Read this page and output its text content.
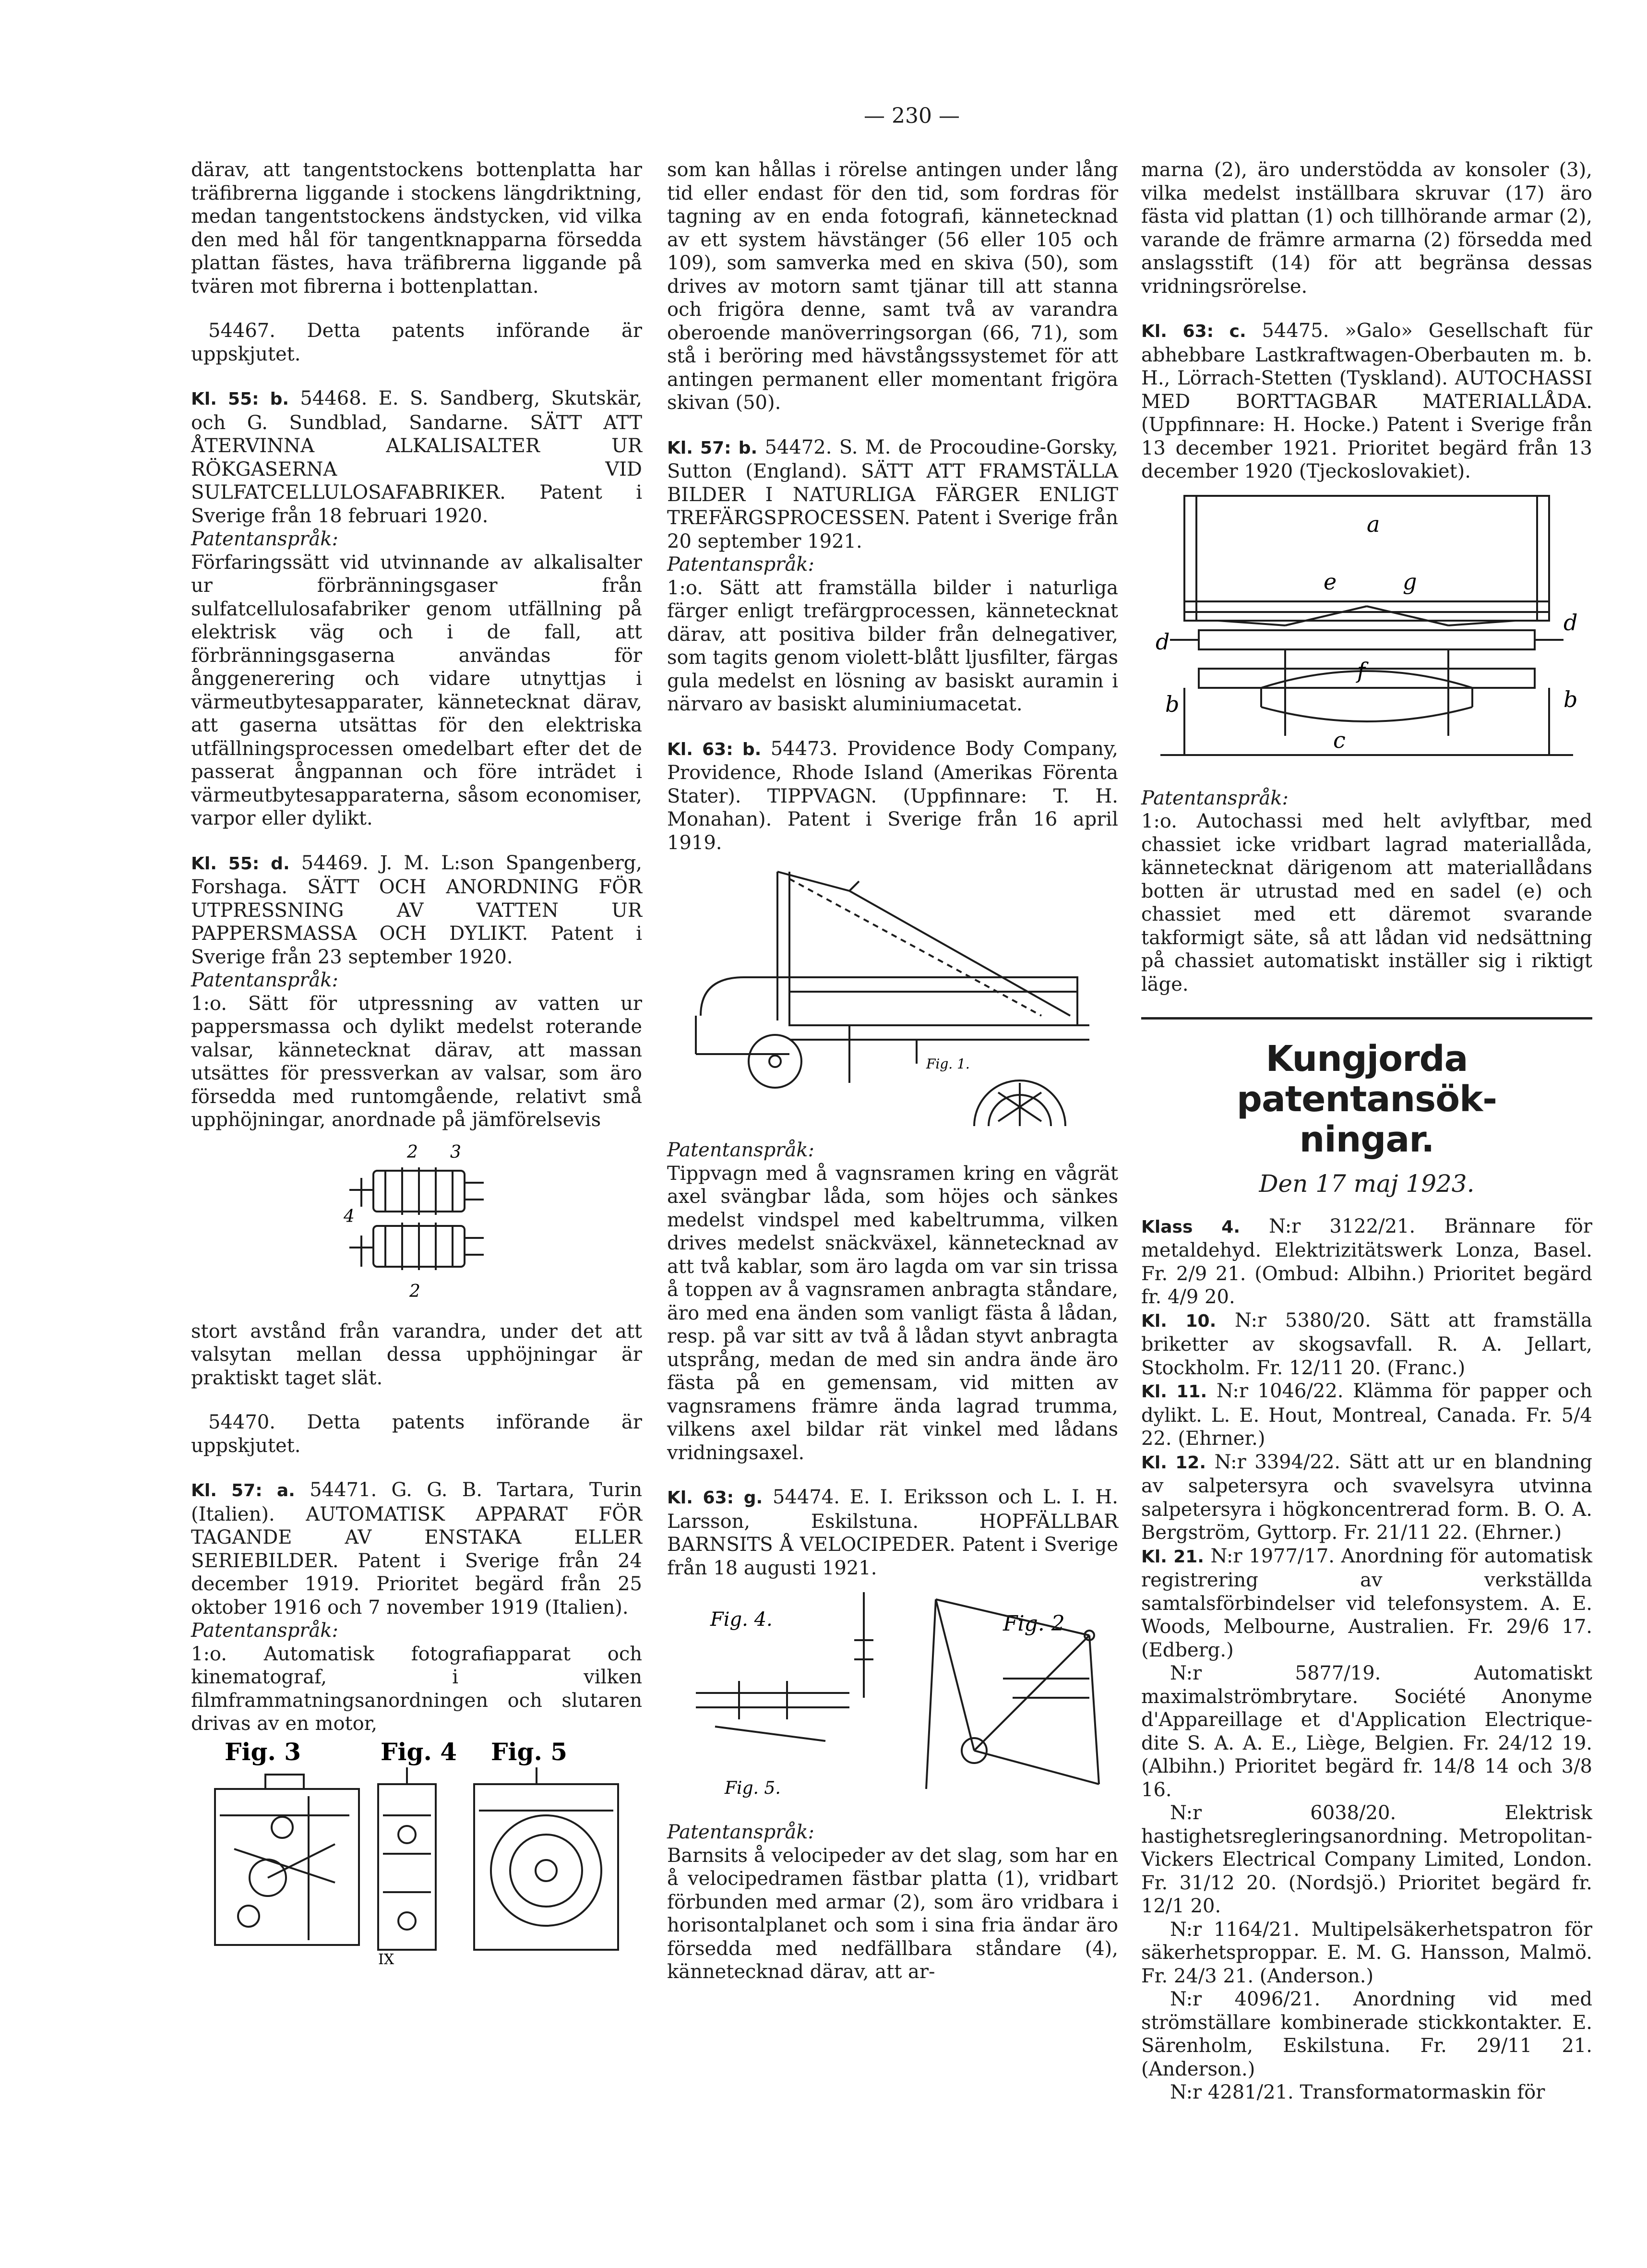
— 230 —

därav, att tangentstockens bottenplatta har träfibrerna liggande i stockens längdriktning, medan tangentstockens ändstycken, vid vilka den med hål för tangentknapparna försedda plattan fästes, hava träfibrerna liggande på tvären mot fibrerna i bottenplattan.

54467. Detta patents införande är uppskjutet.

Kl. 55: b. 54468. E. S. Sandberg, Skutskär, och G. Sundblad, Sandarne. SÄTT ATT ÅTERVINNA ALKALISALTER UR RÖKGASERNA VID SULFATCELLULOSAFABRIKER. Patent i Sverige från 18 februari 1920.
Patentanspråk:
Förfaringssätt vid utvinnande av alkalisalter ur förbränningsgaser från sulfatcellulosafabriker genom utfällning på elektrisk väg och i de fall, att förbränningsgaserna användas för ånggenerering och vidare utnyttjas i värmeutbytesapparater, kännetecknat därav, att gaserna utsättas för den elektriska utfällningsprocessen omedelbart efter det de passerat ångpannan och före inträdet i värmeutbytesapparaterna, såsom economiser, varpor eller dylikt.

Kl. 55: d. 54469. J. M. L:son Spangenberg, Forshaga. SÄTT OCH ANORDNING FÖR UTPRESSNING AV VATTEN UR PAPPERSMASSA OCH DYLIKT. Patent i Sverige från 23 september 1920.
Patentanspråk:
1:o. Sätt för utpressning av vatten ur pappersmassa och dylikt medelst roterande valsar, kännetecknat därav, att massan utsättes för pressverkan av valsar, som äro försedda med runtomgående, relativt små upphöjningar, anordnade på jämförelsevis

2 3
4
2

stort avstånd från varandra, under det att valsytan mellan dessa upphöjningar är praktiskt taget slät.

54470. Detta patents införande är uppskjutet.

Kl. 57: a. 54471. G. G. B. Tartara, Turin (Italien). AUTOMATISK APPARAT FÖR TAGANDE AV ENSTAKA ELLER SERIEBILDER. Patent i Sverige från 24 december 1919. Prioritet begärd från 25 oktober 1916 och 7 november 1919 (Italien).
Patentanspråk:
1:o. Automatisk fotografiapparat och kinematograf, i vilken filmframmatningsanordningen och slutaren drivas av en motor,

Fig. 3	Fig. 4 Fig. 5
IX

som kan hållas i rörelse antingen under lång tid eller endast för den tid, som fordras för tagning av en enda fotografi, kännetecknad av ett system hävstänger (56 eller 105 och 109), som samverka med en skiva (50), som drives av motorn samt tjänar till att stanna och frigöra denne, samt två av varandra oberoende manöverringsorgan (66, 71), som stå i beröring med hävstångssystemet för att antingen permanent eller momentant frigöra skivan (50).

Kl. 57: b. 54472. S. M. de Procoudine-Gorsky, Sutton (England). SÄTT ATT FRAMSTÄLLA BILDER I NATURLIGA FÄRGER ENLIGT TREFÄRGSPROCESSEN. Patent i Sverige från 20 september 1921.
Patentanspråk:
1:o. Sätt att framställa bilder i naturliga färger enligt trefärgprocessen, kännetecknat därav, att positiva bilder från delnegativer, som tagits genom violett-blått ljusfilter, färgas gula medelst en lösning av basiskt auramin i närvaro av basiskt aluminiumacetat.

Kl. 63: b. 54473. Providence Body Company, Providence, Rhode Island (Amerikas Förenta Stater). TIPPVAGN. (Uppfinnare: T. H. Monahan). Patent i Sverige från 16 april 1919.

Fig. 1.

Patentanspråk:
Tippvagn med å vagnsramen kring en vågrät axel svängbar låda, som höjes och sänkes medelst vindspel med kabeltrumma, vilken drives medelst snäckväxel, kännetecknad av att två kablar, som äro lagda om var sin trissa å toppen av å vagnsramen anbragta ståndare, äro med ena änden som vanligt fästa å lådan, resp. på var sitt av två å lådan styvt anbragta utsprång, medan de med sin andra ände äro fästa på en gemensam, vid mitten av vagnsramens främre ända lagrad trumma, vilkens axel bildar rät vinkel med lådans vridningsaxel.

Kl. 63: g. 54474. E. I. Eriksson och L. I. H. Larsson, Eskilstuna. HOPFÄLLBAR BARNSITS Å VELOCIPEDER. Patent i Sverige från 18 augusti 1921.

Fig. 4.	Fig. 2
Fig. 5.

Patentanspråk:
Barnsits å velocipeder av det slag, som har en å velocipedramen fästbar platta (1), vridbart förbunden med armar (2), som äro vridbara i horisontalplanet och som i sina fria ändar äro försedda med nedfällbara ståndare (4), kännetecknad därav, att ar-

marna (2), äro understödda av konsoler (3), vilka medelst inställbara skruvar (17) äro fästa vid plattan (1) och tillhörande armar (2), varande de främre armarna (2) försedda med anslagsstift (14) för att begränsa dessas vridningsrörelse.

Kl. 63: c. 54475. »Galo» Gesellschaft für abhebbare Lastkraftwagen-Oberbauten m. b. H., Lörrach-Stetten (Tyskland). AUTOCHASSI MED BORTTAGBAR MATERIALLÅDA. (Uppfinnare: H. Hocke.) Patent i Sverige från 13 december 1921. Prioritet begärd från 13 december 1920 (Tjeckoslovakiet).

a
e	g
d
d
f
b	b
c

Patentanspråk:
1:o. Autochassi med helt avlyftbar, med chassiet icke vridbart lagrad materiallåda, kännetecknat därigenom att materiallådans botten är utrustad med en sadel (e) och chassiet med ett däremot svarande takformigt säte, så att lådan vid nedsättning på chassiet automatiskt inställer sig i riktigt läge.

Kungjorda patentansök-
ningar.
Den 17 maj 1923.

Klass 4. N:r 3122/21. Brännare för metaldehyd. Elektrizitätswerk Lonza, Basel. Fr. 2/9 21. (Ombud: Albihn.) Prioritet begärd fr. 4/9 20.

Kl. 10. N:r 5380/20. Sätt att framställa briketter av skogsavfall. R. A. Jellart, Stockholm. Fr. 12/11 20. (Franc.)

Kl. 11. N:r 1046/22. Klämma för papper och dylikt. L. E. Hout, Montreal, Canada. Fr. 5/4 22. (Ehrner.)

Kl. 12. N:r 3394/22. Sätt att ur en blandning av salpetersyra och svavelsyra utvinna salpetersyra i högkoncentrerad form. B. O. A. Bergström, Gyttorp. Fr. 21/11 22. (Ehrner.)

Kl. 21. N:r 1977/17. Anordning för automatisk registrering av verkställda samtalsförbindelser vid telefonsystem. A. E. Woods, Melbourne, Australien. Fr. 29/6 17. (Edberg.)

N:r 5877/19. Automatiskt maximalströmbrytare. Société Anonyme d'Appareillage et d'Application Electrique-dite S. A. A. E., Liège, Belgien. Fr. 24/12 19. (Albihn.) Prioritet begärd fr. 14/8 14 och 3/8 16.

N:r 6038/20. Elektrisk hastighetsregleringsanordning. Metropolitan-Vickers Electrical Company Limited, London. Fr. 31/12 20. (Nordsjö.) Prioritet begärd fr. 12/1 20.

N:r 1164/21. Multipelsäkerhetspatron för säkerhetsproppar. E. M. G. Hansson, Malmö. Fr. 24/3 21. (Anderson.)

N:r 4096/21. Anordning vid med strömställare kombinerade stickkontakter. E. Särenholm, Eskilstuna. Fr. 29/11 21. (Anderson.)

N:r 4281/21. Transformatormaskin för
